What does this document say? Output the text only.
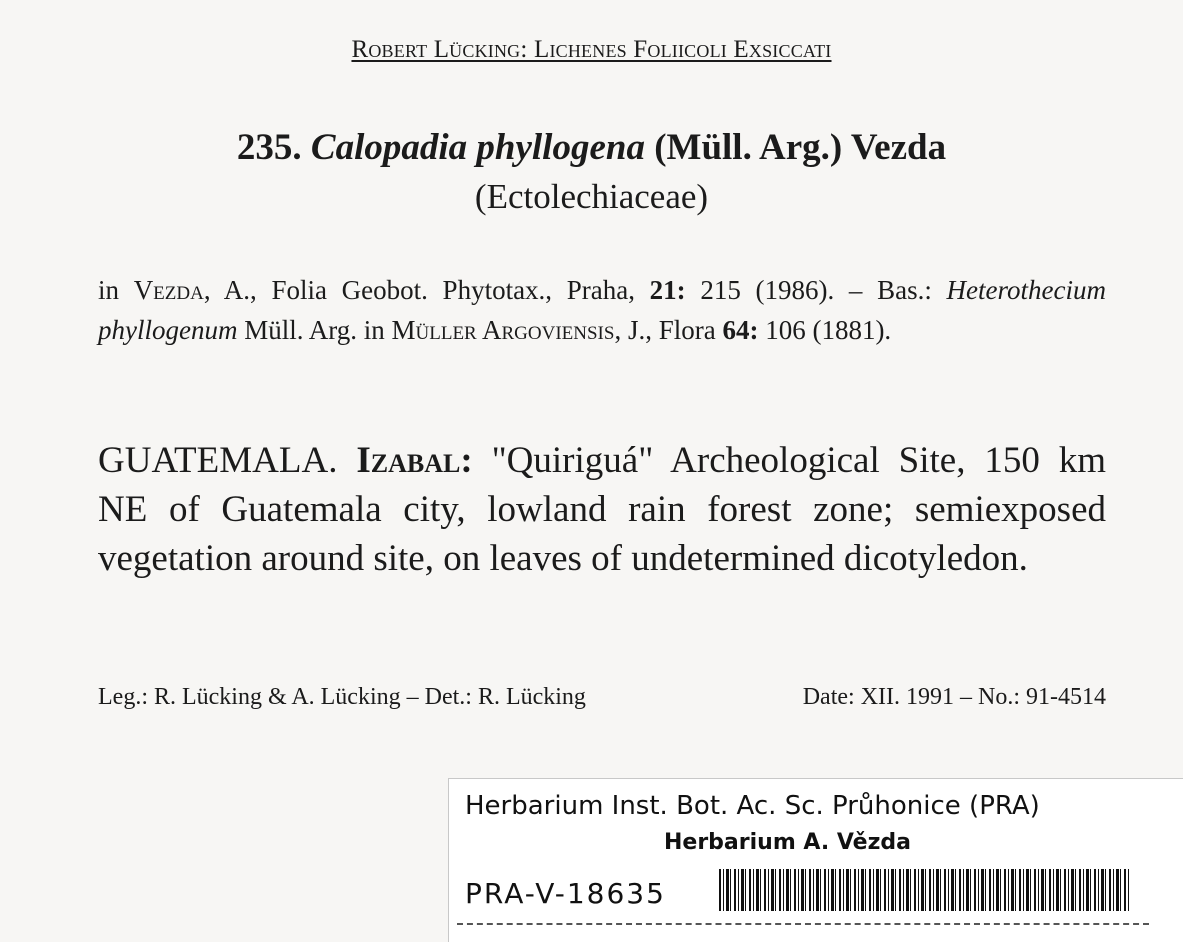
Robert Lücking: Lichenes Foliicoli Exsiccati
235. Calopadia phyllogena (Müll. Arg.) Vezda
(Ectolechiaceae)
in Vezda, A., Folia Geobot. Phytotax., Praha, 21: 215 (1986). – Bas.: Heterothecium phyllogenum Müll. Arg. in Müller Argoviensis, J., Flora 64: 106 (1881).
GUATEMALA. Izabal: "Quiriguá" Archeological Site, 150 km NE of Guatemala city, lowland rain forest zone; semiexposed vegetation around site, on leaves of undetermined dicotyledon.
Leg.: R. Lücking & A. Lücking – Det.: R. Lücking	Date: XII. 1991 – No.: 91-4514
Herbarium Inst. Bot. Ac. Sc. Průhonice (PRA)
Herbarium A. Vězda
PRA-V-18635
